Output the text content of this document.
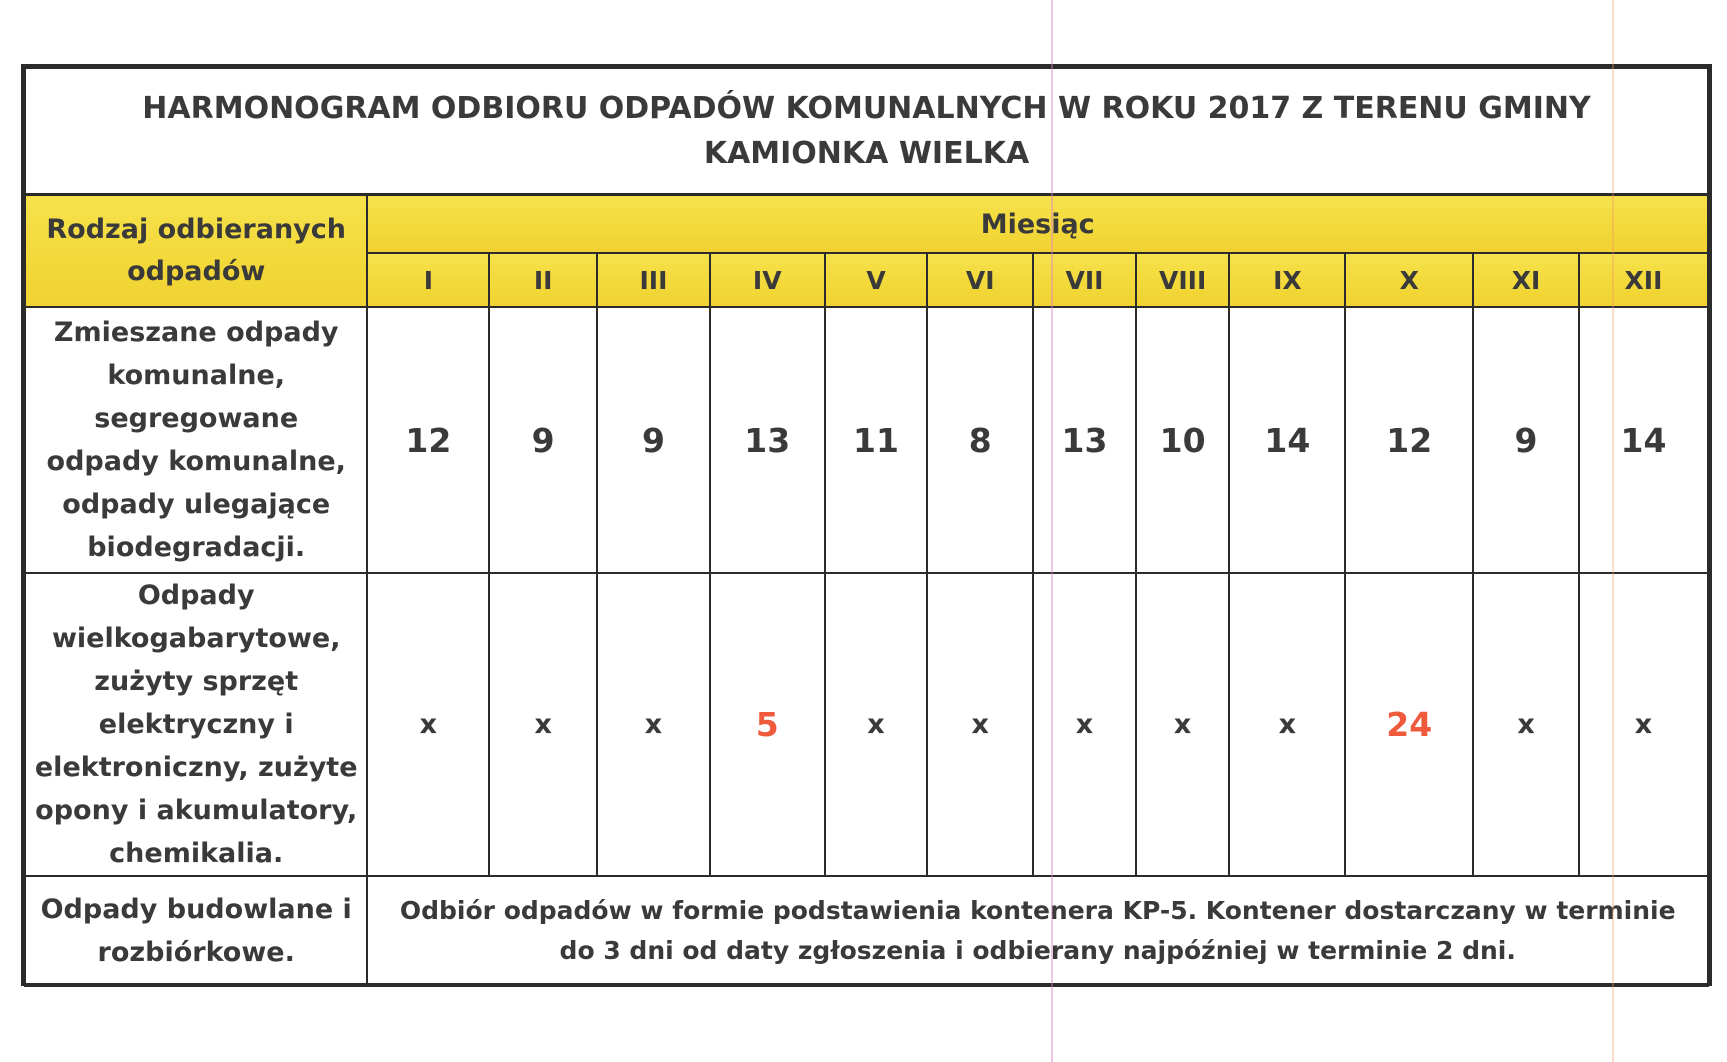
HARMONOGRAM ODBIORU ODPADÓW KOMUNALNYCH W ROKU 2017 Z TERENU GMINY KAMIONKA WIELKA												
Rodzaj odbieranych odpadów	Miesiąc											
	I	II	III	IV	V	VI	VII	VIII	IX	X	XI	XII
Zmieszane odpady komunalne, segregowane odpady komunalne, odpady ulegające biodegradacji.	12	9	9	13	11	8	13	10	14	12	9	14
Odpady wielkogabarytowe, zużyty sprzęt elektryczny i elektroniczny, zużyte opony i akumulatory, chemikalia.	x	x	x	5	x	x	x	x	x	24	x	x
Odpady budowlane i rozbiórkowe.	Odbiór odpadów w formie podstawienia kontenera KP-5. Kontener dostarczany w terminie do 3 dni od daty zgłoszenia i odbierany najpóźniej w terminie 2 dni.											
